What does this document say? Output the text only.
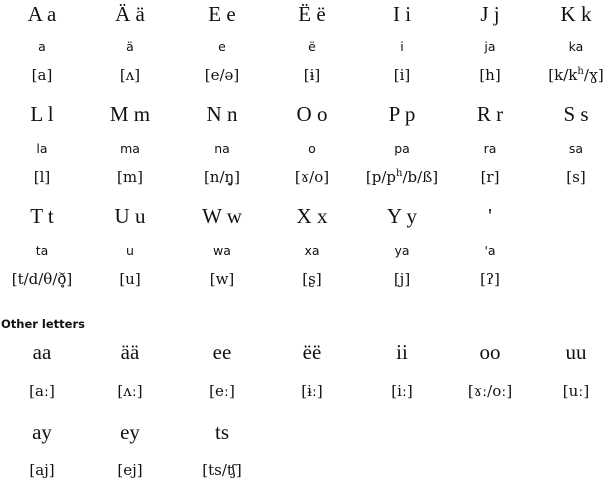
A a
a
[a]
Ä ä
ä
[ʌ]
E e
e
[e/ə]
Ë ë
ë
[ɨ]
I i
i
[i]
J j
ja
[h]
K k
ka
$[k/k^h/ɣ]$
L l
la
[l]
M m
ma
[m]
N n
na
[n/ŋ̥]
O o
o
[ɤ/o]
P p
pa
$[p/p^h/b/ß]$
R r
ra
[r]
S s
sa
[s]
T t
ta
[t/d/θ/ð̥]
U u
u
[u]
W w
wa
[w]
X x
xa
[ʂ]
Y y
ya
[j]
'
'a
[ʔ]
Other letters
aa
[aː]
ää
[ʌː]
ee
[eː]
ëë
[ɨː]
ii
[iː]
oo
[ɤː/oː]
uu
[uː]
ay
[aj]
ey
[ej]
ts
[ts/ʧ]
